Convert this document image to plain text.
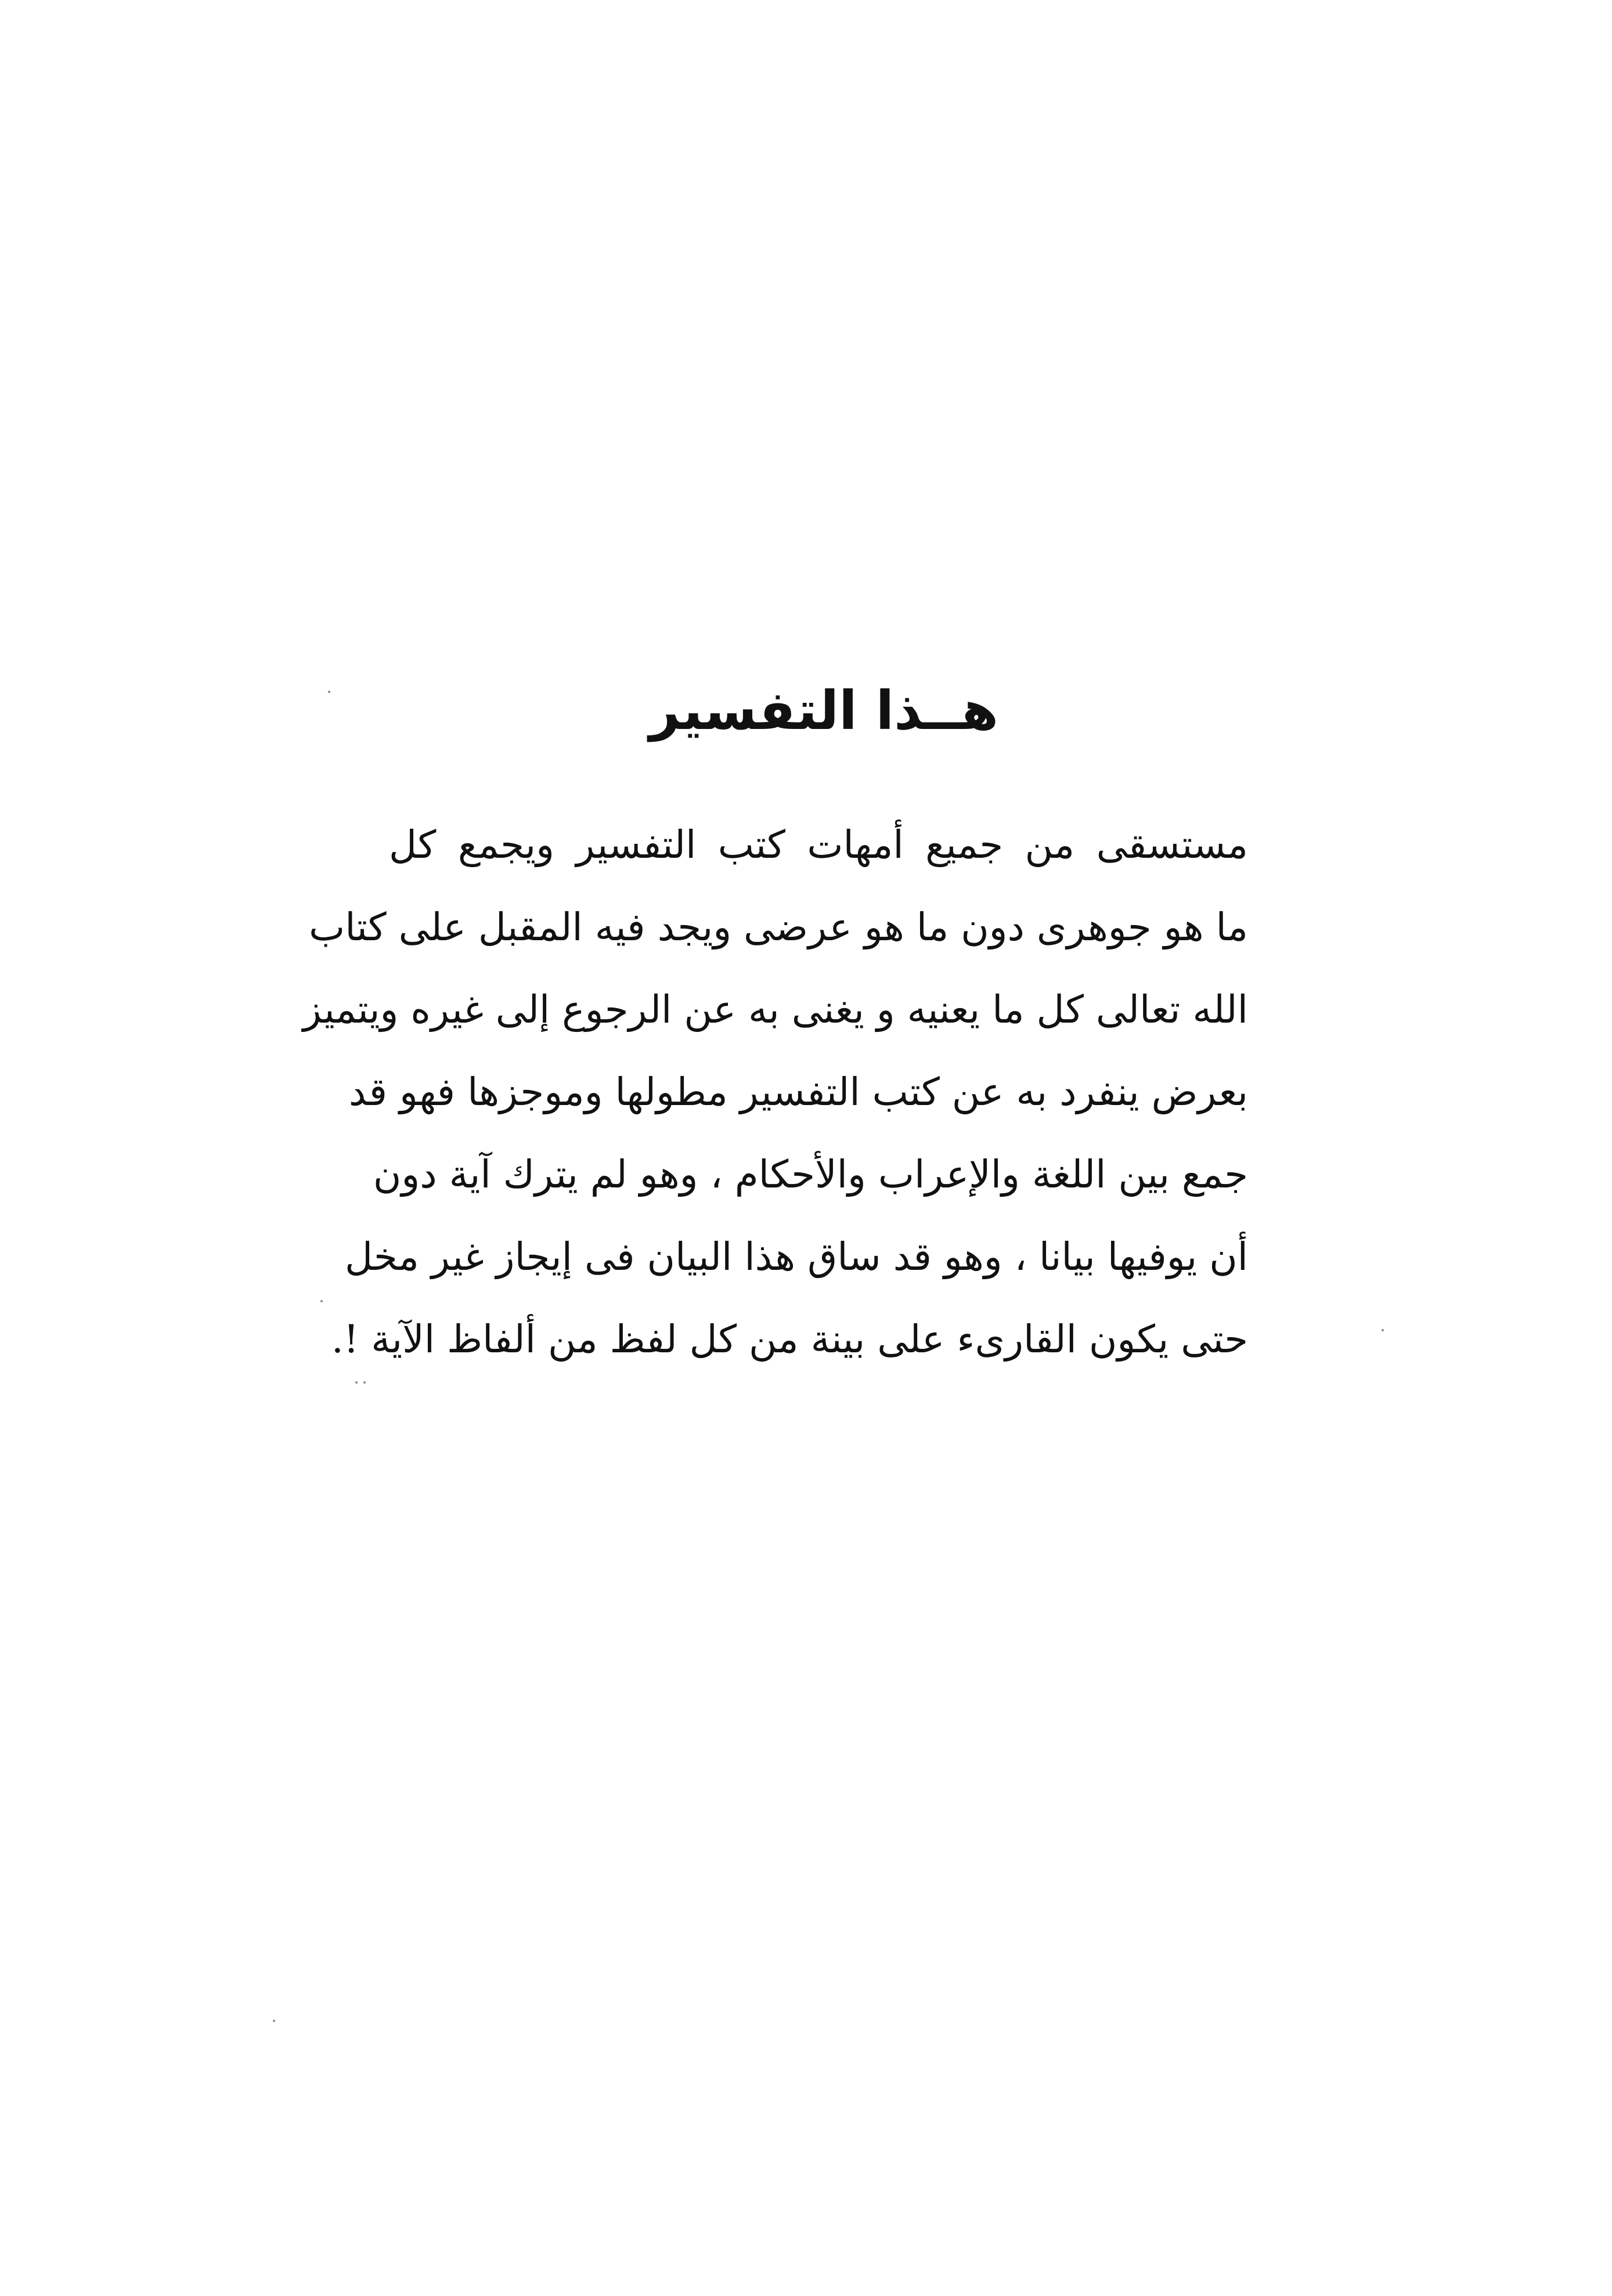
هــذا التفسير
مستسقى من جميع أمهات كتب التفسير ويجمع كل
ما هو جوهرى دون ما هو عرضى ويجد فيه المقبل على كتاب
الله تعالى كل ما يعنيه و يغنى به عن الرجوع إلى غيره ويتميز
بعرض ينفرد به عن كتب التفسير مطولها وموجزها فهو قد
جمع بين اللغة والإعراب والأحكام ، وهو لم يترك آية دون
أن يوفيها بيانا ، وهو قد ساق هذا البيان فى إيجاز غير مخل
حتى يكون القارىء على بينة من كل لفظ من ألفاظ الآية !.
